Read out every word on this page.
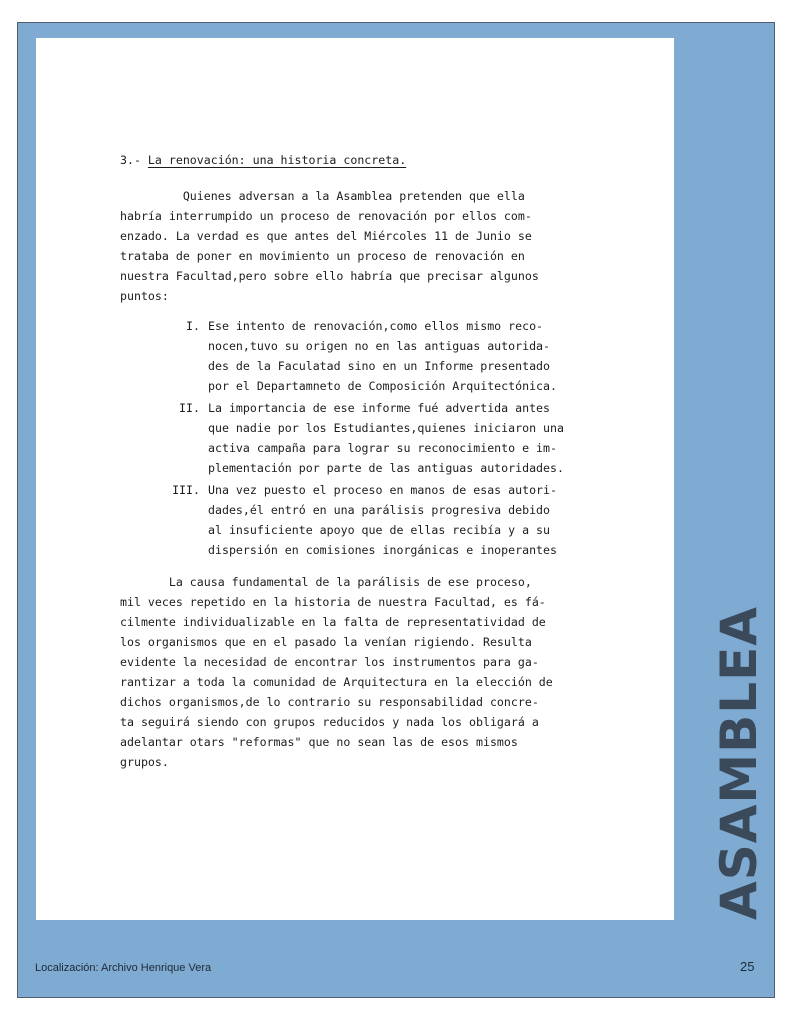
3.- La renovación: una historia concreta.
Quienes adversan a la Asamblea pretenden que ella
habría interrumpido un proceso de renovación por ellos com-
enzado. La verdad es que antes del Miércoles 11 de Junio se
trataba de poner en movimiento un proceso de renovación en
nuestra Facultad,pero sobre ello habría que precisar algunos
puntos:
I. Ese intento de renovación,como ellos mismo reco-
nocen,tuvo su origen no en las antiguas autorida-
des de la Faculatad sino en un Informe presentado
por el Departamneto de Composición Arquitectónica.
II. La importancia de ese informe fué advertida antes
que nadie por los Estudiantes,quienes iniciaron una
activa campaña para lograr su reconocimiento e im-
plementación por parte de las antiguas autoridades.
III. Una vez puesto el proceso en manos de esas autori-
dades,él entró en una parálisis progresiva debido
al insuficiente apoyo que de ellas recibía y a su
dispersión en comisiones inorgánicas e inoperantes
La causa fundamental de la parálisis de ese proceso,
mil veces repetido en la historia de nuestra Facultad, es fá-
cilmente individualizable en la falta de representatividad de
los organismos que en el pasado la venían rigiendo. Resulta
evidente la necesidad de encontrar los instrumentos para ga-
rantizar a toda la comunidad de Arquitectura en la elección de
dichos organismos,de lo contrario su responsabilidad concre-
ta seguirá siendo con grupos reducidos y nada los obligará a
adelantar otars "reformas" que no sean las de esos mismos
grupos.	ASAMBLEA
Localización: Archivo Henrique Vera	25
